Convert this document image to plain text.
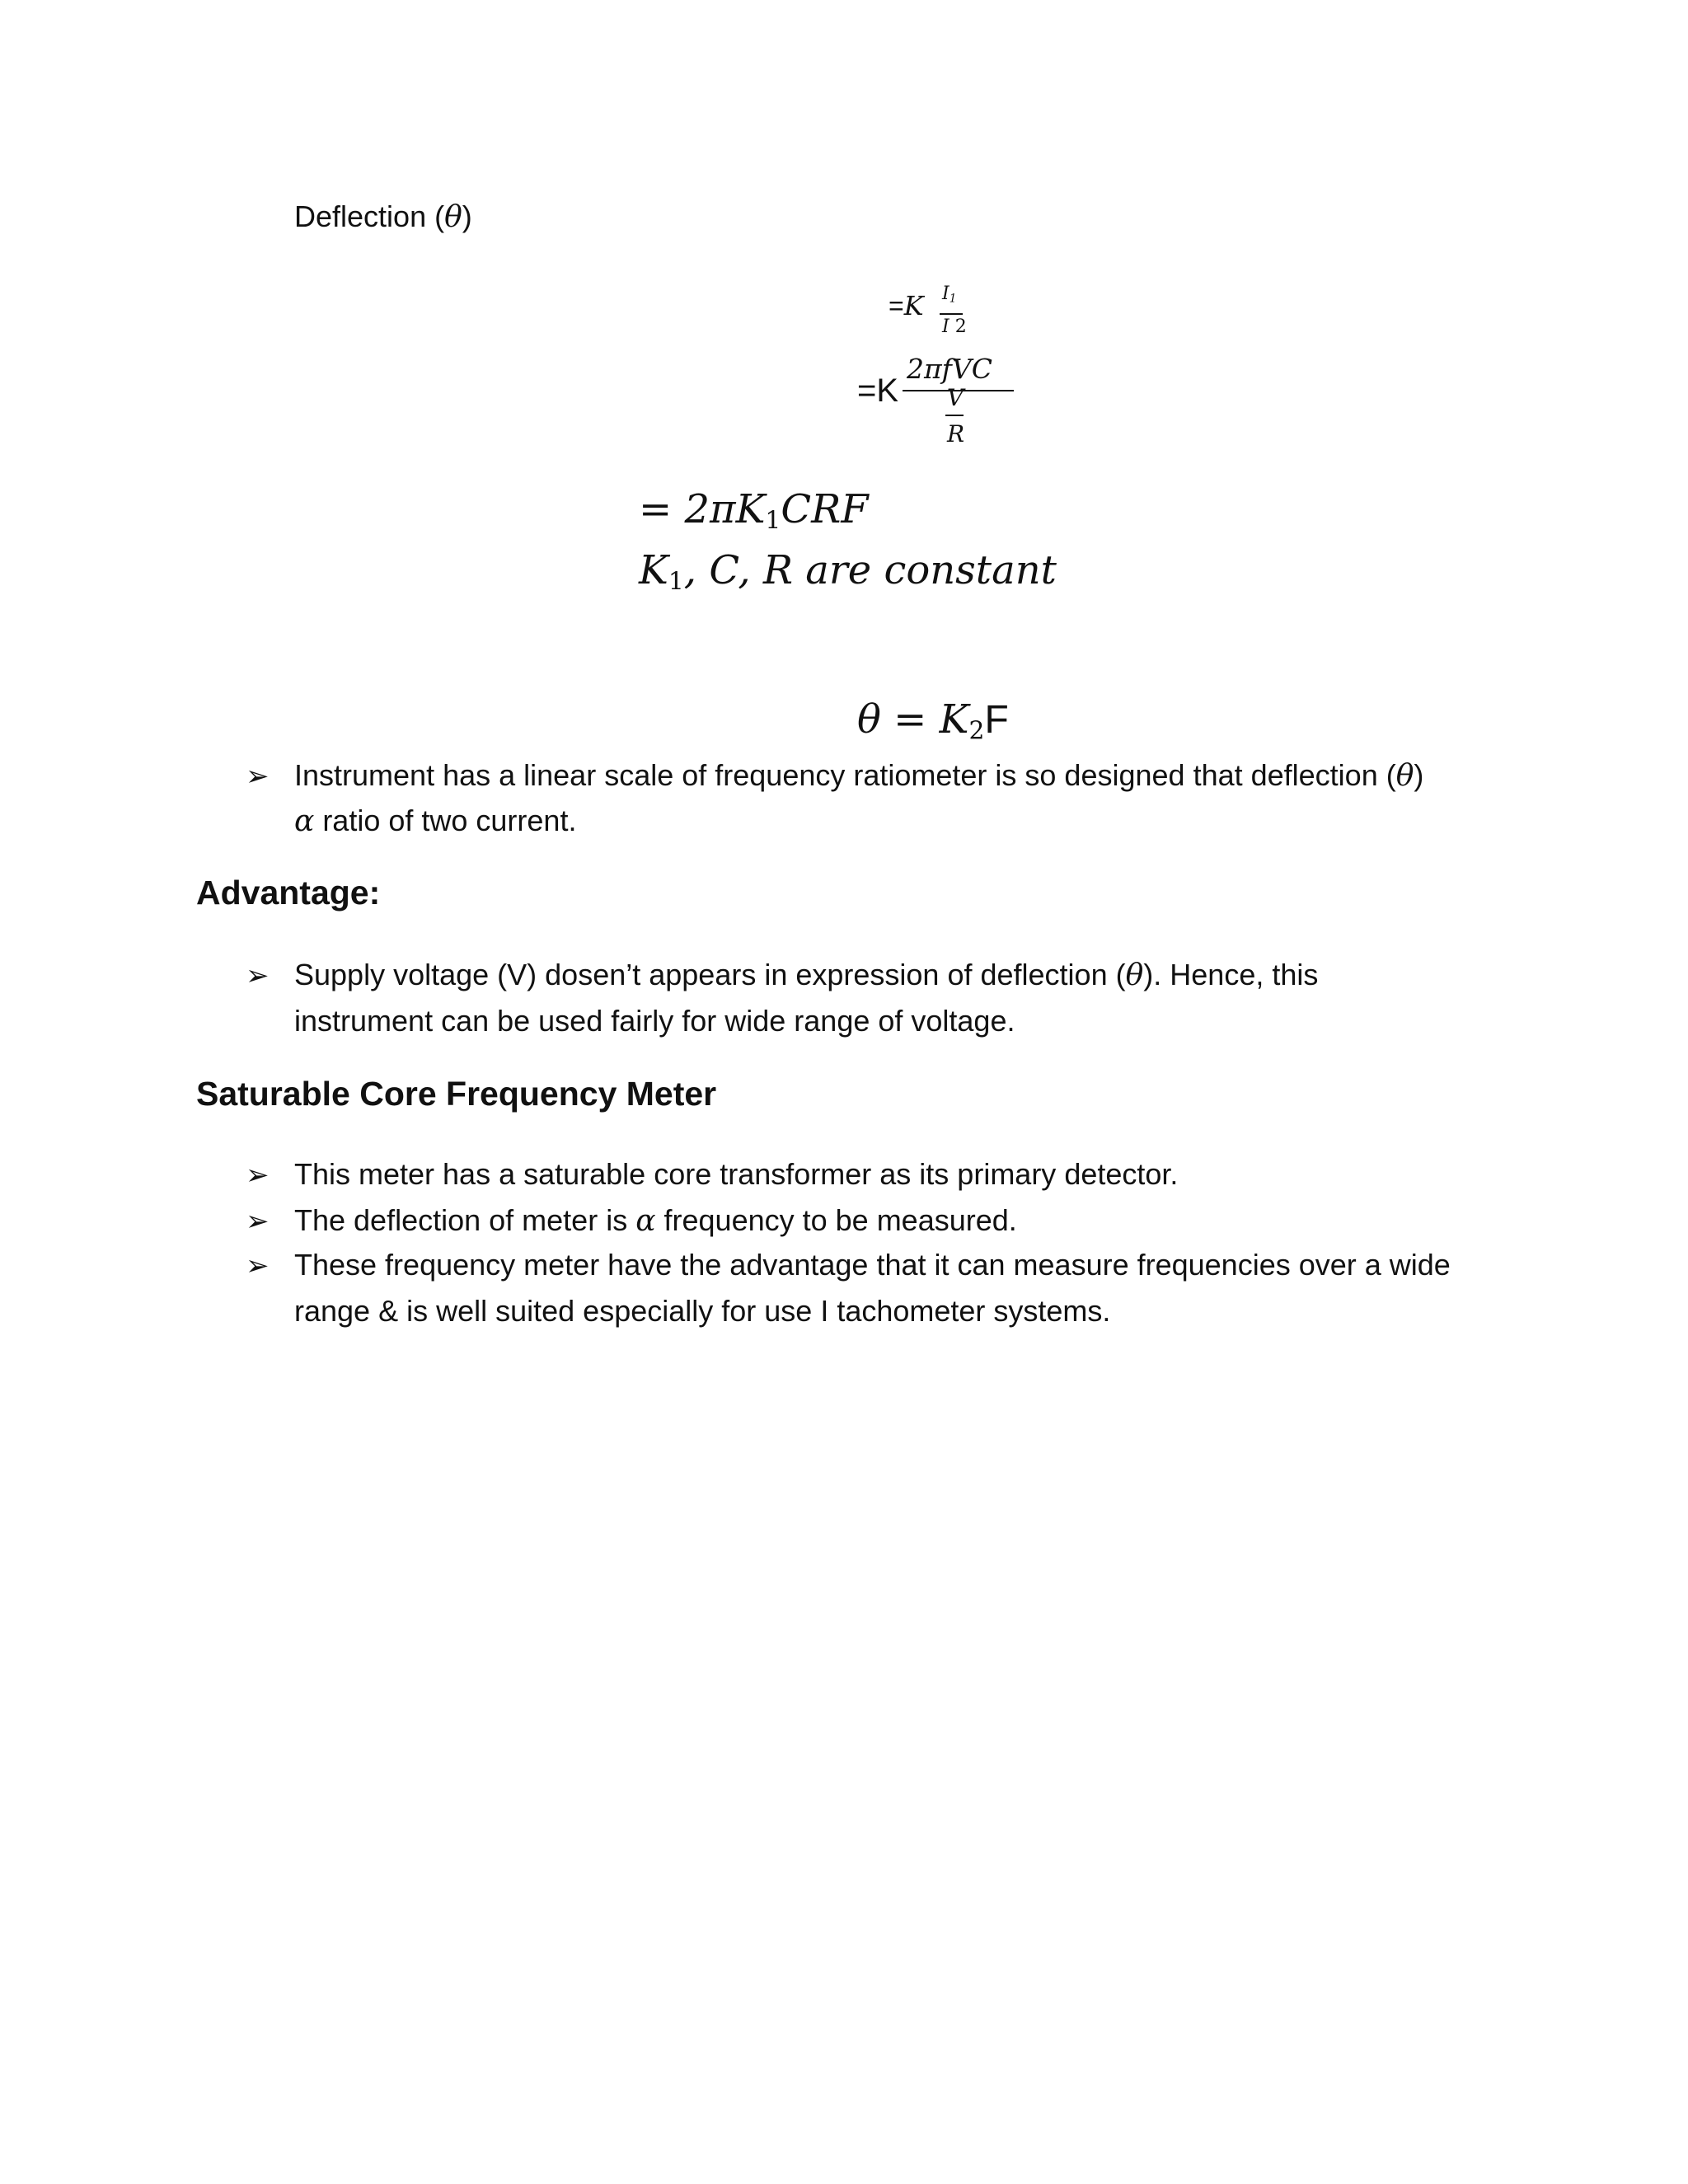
Deflection (θ)
=K $I_1$
I 2
=K
2πfVC
V
R
= $2\pi K_1CRF$
$K_1$, C, R are constant
$\theta = K_2F$
➢ Instrument has a linear scale of frequency ratiometer is so designed that deflection (θ)
α ratio of two current.
Advantage:
➢ Supply voltage (V) dosen’t appears in expression of deflection (θ). Hence, this
instrument can be used fairly for wide range of voltage.
Saturable Core Frequency Meter
➢ This meter has a saturable core transformer as its primary detector.
➢ The deflection of meter is α frequency to be measured.
➢ These frequency meter have the advantage that it can measure frequencies over a wide
range & is well suited especially for use I tachometer systems.
